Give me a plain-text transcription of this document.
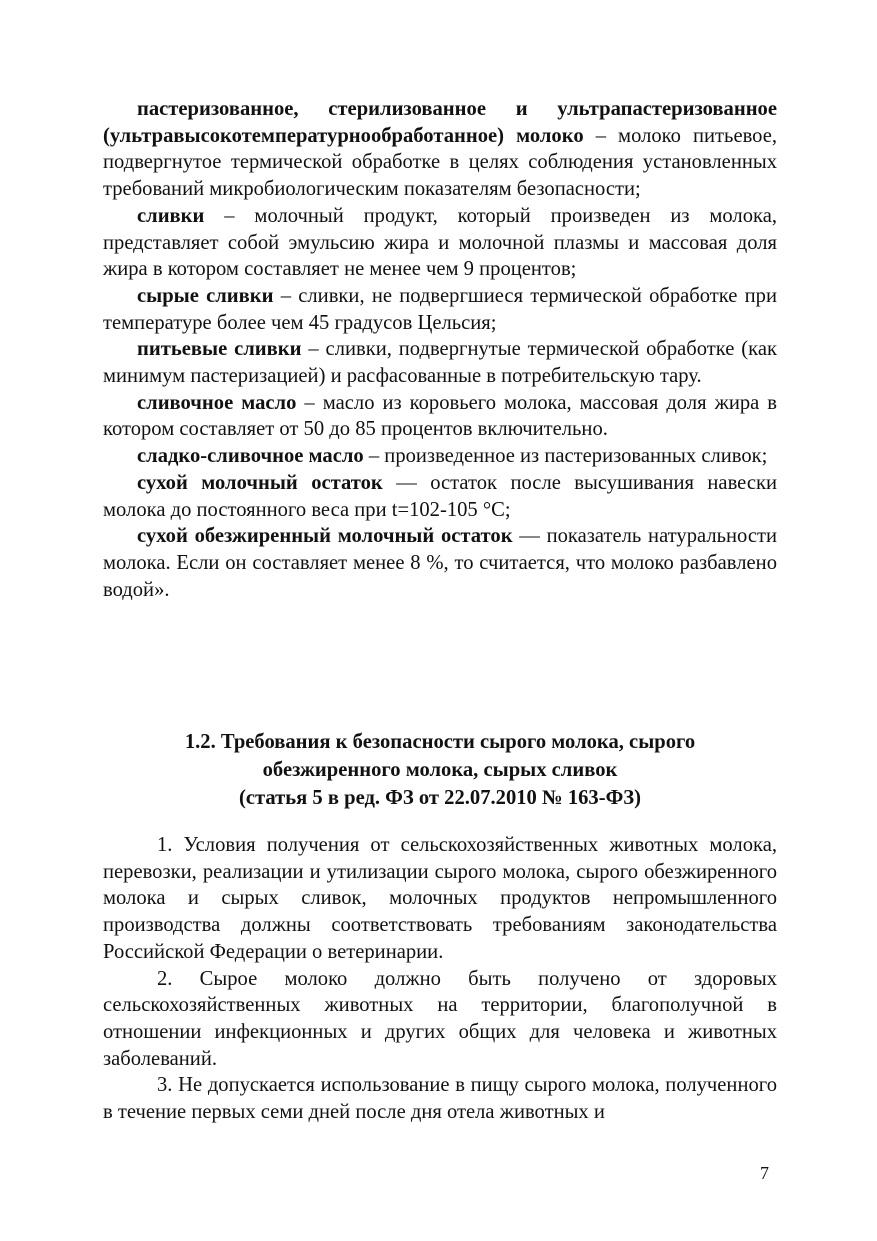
пастеризованное, стерилизованное и ультрапастеризованное (ультравысокотемпературнообработанное) молоко – молоко питьевое, подвергнутое термической обработке в целях соблюдения установленных требований микробиологическим показателям безопасности;

сливки – молочный продукт, который произведен из молока, представляет собой эмульсию жира и молочной плазмы и массовая доля жира в котором составляет не менее чем 9 процентов;

сырые сливки – сливки, не подвергшиеся термической обработке при температуре более чем 45 градусов Цельсия;

питьевые сливки – сливки, подвергнутые термической обработке (как минимум пастеризацией) и расфасованные в потребительскую тару.

сливочное масло – масло из коровьего молока, массовая доля жира в котором составляет от 50 до 85 процентов включительно.

сладко-сливочное масло – произведенное из пастеризованных сливок;

сухой молочный остаток — остаток после высушивания навески молока до постоянного веса при t=102-105 °С;

сухой обезжиренный молочный остаток — показатель натуральности молока. Если он составляет менее 8 %, то считается, что молоко разбавлено водой».

1.2. Требования к безопасности сырого молока, сырого
обезжиренного молока, сырых сливок
(статья 5 в ред. ФЗ от 22.07.2010 № 163-ФЗ)

1. Условия получения от сельскохозяйственных животных молока, перевозки, реализации и утилизации сырого молока, сырого обезжиренного молока и сырых сливок, молочных продуктов непромышленного производства должны соответствовать требованиям законодательства Российской Федерации о ветеринарии.

2. Сырое молоко должно быть получено от здоровых сельскохозяйственных животных на территории, благополучной в отношении инфекционных и других общих для человека и животных заболеваний.

3. Не допускается использование в пищу сырого молока, полученного в течение первых семи дней после дня отела животных и

7
